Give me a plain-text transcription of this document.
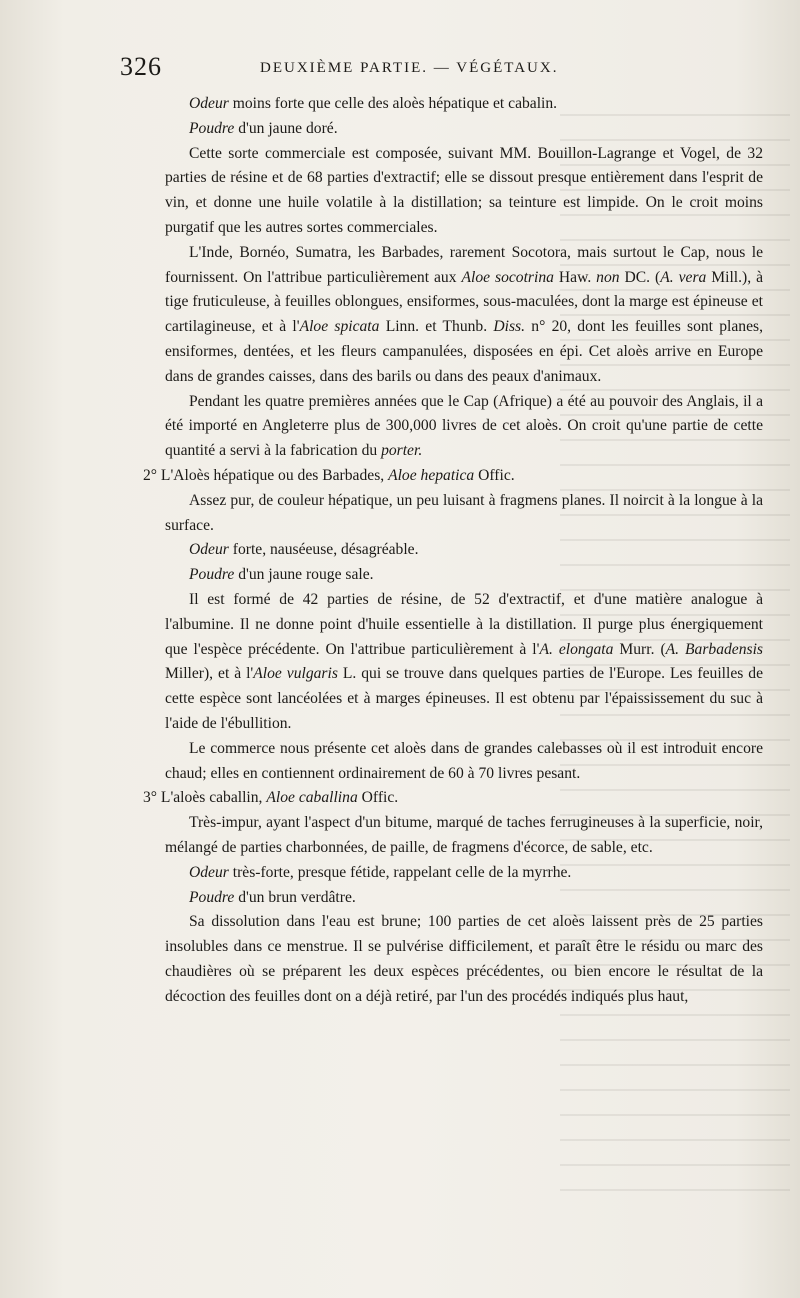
326	DEUXIÈME PARTIE. — VÉGÉTAUX.

Odeur moins forte que celle des aloès hépatique et cabalin.

Poudre d'un jaune doré.

Cette sorte commerciale est composée, suivant MM. Bouillon-Lagrange et Vogel, de 32 parties de résine et de 68 parties d'extractif; elle se dissout presque entièrement dans l'esprit de vin, et donne une huile volatile à la distillation; sa teinture est limpide. On le croit moins purgatif que les autres sortes commerciales.

L'Inde, Bornéo, Sumatra, les Barbades, rarement Socotora, mais surtout le Cap, nous le fournissent. On l'attribue particulièrement aux Aloe socotrina Haw. non DC. (A. vera Mill.), à tige fruticuleuse, à feuilles oblongues, ensiformes, sous-maculées, dont la marge est épineuse et cartilagineuse, et à l'Aloe spicata Linn. et Thunb. Diss. n° 20, dont les feuilles sont planes, ensiformes, dentées, et les fleurs campanulées, disposées en épi. Cet aloès arrive en Europe dans de grandes caisses, dans des barils ou dans des peaux d'animaux.

Pendant les quatre premières années que le Cap (Afrique) a été au pouvoir des Anglais, il a été importé en Angleterre plus de 300,000 livres de cet aloès. On croit qu'une partie de cette quantité a servi à la fabrication du porter.

2° L'Aloès hépatique ou des Barbades, Aloe hepatica Offic.

Assez pur, de couleur hépatique, un peu luisant à fragmens planes. Il noircit à la longue à la surface.

Odeur forte, nauséeuse, désagréable.

Poudre d'un jaune rouge sale.

Il est formé de 42 parties de résine, de 52 d'extractif, et d'une matière analogue à l'albumine. Il ne donne point d'huile essentielle à la distillation. Il purge plus énergiquement que l'espèce précédente. On l'attribue particulièrement à l'A. elongata Murr. (A. Barbadensis Miller), et à l'Aloe vulgaris L. qui se trouve dans quelques parties de l'Europe. Les feuilles de cette espèce sont lancéolées et à marges épineuses. Il est obtenu par l'épaississement du suc à l'aide de l'ébullition.

Le commerce nous présente cet aloès dans de grandes calebasses où il est introduit encore chaud; elles en contiennent ordinairement de 60 à 70 livres pesant.

3° L'aloès caballin, Aloe caballina Offic.

Très-impur, ayant l'aspect d'un bitume, marqué de taches ferrugineuses à la superficie, noir, mélangé de parties charbonnées, de paille, de fragmens d'écorce, de sable, etc.

Odeur très-forte, presque fétide, rappelant celle de la myrrhe.

Poudre d'un brun verdâtre.

Sa dissolution dans l'eau est brune; 100 parties de cet aloès laissent près de 25 parties insolubles dans ce menstrue. Il se pulvérise difficilement, et paraît être le résidu ou marc des chaudières où se préparent les deux espèces précédentes, ou bien encore le résultat de la décoction des feuilles dont on a déjà retiré, par l'un des procédés indiqués plus haut,
